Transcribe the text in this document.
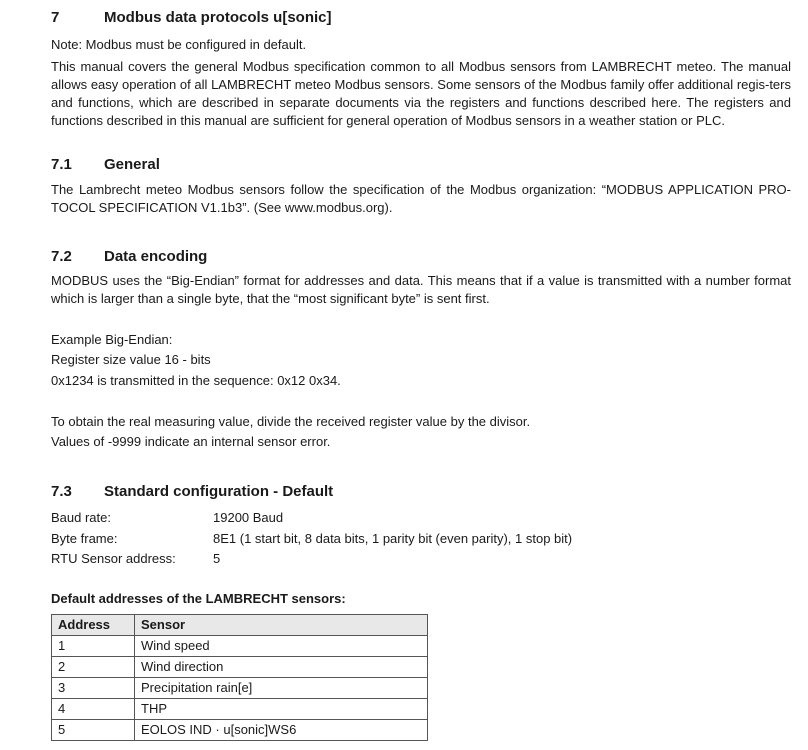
7	Modbus data protocols u[sonic]
Note: Modbus must be configured in default.

This manual covers the general Modbus specification common to all Modbus sensors from LAMBRECHT meteo. The manual allows easy operation of all LAMBRECHT meteo Modbus sensors. Some sensors of the Modbus family offer additional regis-ters and functions, which are described in separate documents via the registers and functions described here. The registers and functions described in this manual are sufficient for general operation of Modbus sensors in a weather station or PLC.

7.1 General

The Lambrecht meteo Modbus sensors follow the specification of the Modbus organization: “MODBUS APPLICATION PRO-TOCOL SPECIFICATION V1.1b3”. (See www.modbus.org).

7.2 Data encoding

MODBUS uses the “Big-Endian” format for addresses and data. This means that if a value is transmitted with a number format which is larger than a single byte, that the “most significant byte” is sent first.

Example Big-Endian:
Register size value 16 - bits
0x1234 is transmitted in the sequence: 0x12 0x34.
To obtain the real measuring value, divide the received register value by the divisor.
Values of -9999 indicate an internal sensor error.
7.3 Standard configuration - Default
Baud rate:	19200 Baud
Byte frame:	8E1 (1 start bit, 8 data bits, 1 parity bit (even parity), 1 stop bit)
RTU Sensor address:	5
Default addresses of the LAMBRECHT sensors:
Address	Sensor
1	Wind speed
2	Wind direction
3	Precipitation rain[e]
4	THP
5	EOLOS IND · u[sonic]WS6
